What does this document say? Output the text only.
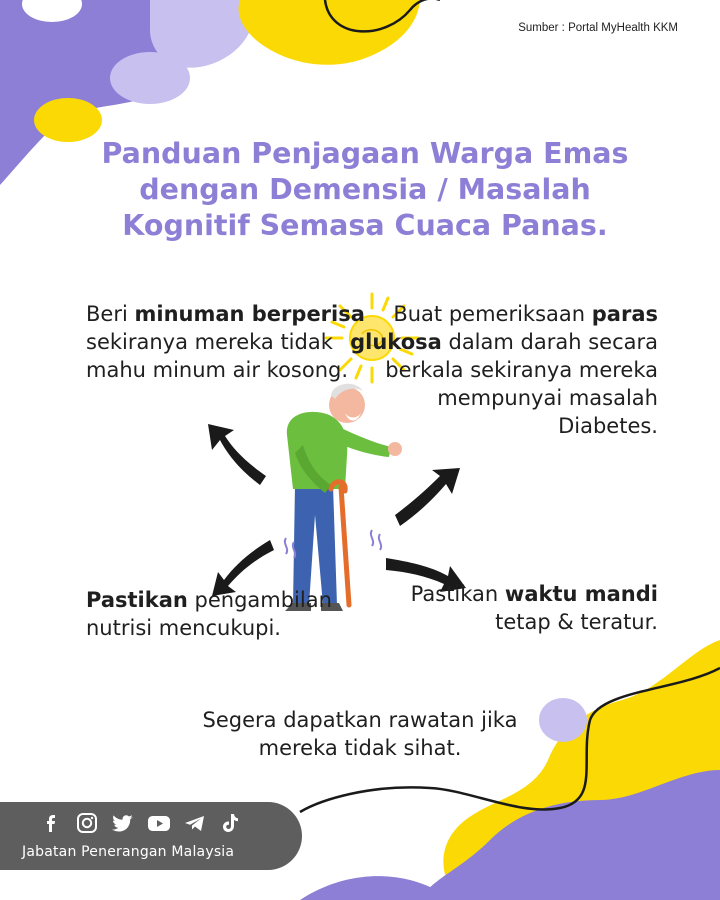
Sumber : Portal MyHealth KKM
Panduan Penjagaan Warga Emas dengan Demensia / Masalah Kognitif Semasa Cuaca Panas.
Beri minuman berperisa sekiranya mereka tidak mahu minum air kosong.
Buat pemeriksaan paras glukosa dalam darah secara berkala sekiranya mereka mempunyai masalah Diabetes.
Pastikan pengambilan nutrisi mencukupi.
Pastikan waktu mandi tetap & teratur.
Segera dapatkan rawatan jika mereka tidak sihat.
Jabatan Penerangan Malaysia
